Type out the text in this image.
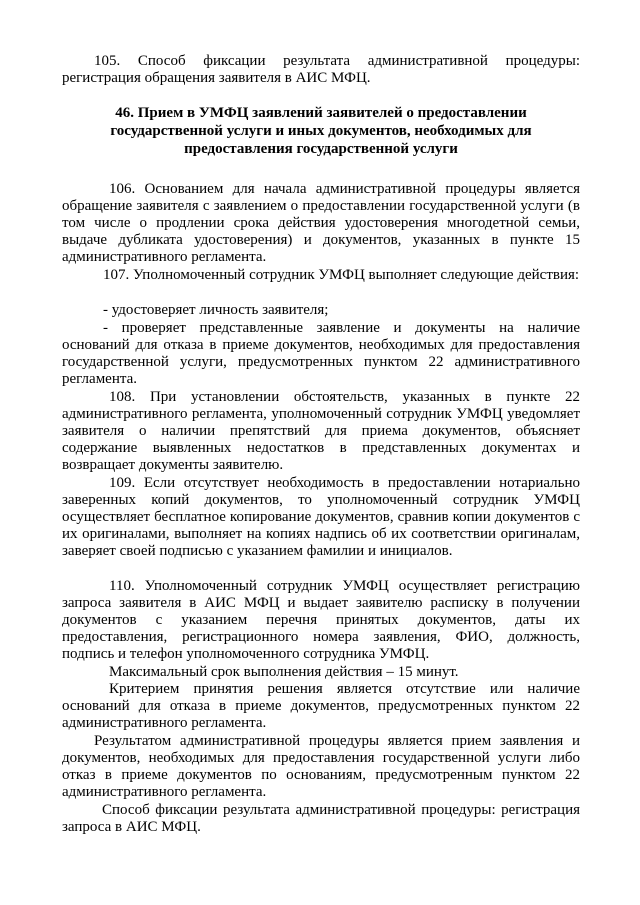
105. Способ фиксации результата административной процедуры: регистрация обращения заявителя в АИС МФЦ.

46. Прием в УМФЦ заявлений заявителей о предоставлении государственной услуги и иных документов, необходимых для предоставления государственной услуги

106. Основанием для начала административной процедуры является обращение заявителя с заявлением о предоставлении государственной услуги (в том числе о продлении срока действия удостоверения многодетной семьи, выдаче дубликата удостоверения) и документов, указанных в пункте 15 административного регламента.

107. Уполномоченный сотрудник УМФЦ выполняет следующие действия:

- удостоверяет личность заявителя;

- проверяет представленные заявление и документы на наличие оснований для отказа в приеме документов, необходимых для предоставления государственной услуги, предусмотренных пунктом 22 административного регламента.

108. При установлении обстоятельств, указанных в пункте 22 административного регламента, уполномоченный сотрудник УМФЦ уведомляет заявителя о наличии препятствий для приема документов, объясняет содержание выявленных недостатков в представленных документах и возвращает документы заявителю.

109. Если отсутствует необходимость в предоставлении нотариально заверенных копий документов, то уполномоченный сотрудник УМФЦ осуществляет бесплатное копирование документов, сравнив копии документов с их оригиналами, выполняет на копиях надпись об их соответствии оригиналам, заверяет своей подписью с указанием фамилии и инициалов.

110. Уполномоченный сотрудник УМФЦ осуществляет регистрацию запроса заявителя в АИС МФЦ и выдает заявителю расписку в получении документов с указанием перечня принятых документов, даты их предоставления, регистрационного номера заявления, ФИО, должность, подпись и телефон уполномоченного сотрудника УМФЦ.

Максимальный срок выполнения действия – 15 минут.

Критерием принятия решения является отсутствие или наличие оснований для отказа в приеме документов, предусмотренных пунктом 22 административного регламента.

Результатом административной процедуры является прием заявления и документов, необходимых для предоставления государственной услуги либо отказ в приеме документов по основаниям, предусмотренным пунктом 22 административного регламента.

Способ фиксации результата административной процедуры: регистрация запроса в АИС МФЦ.
